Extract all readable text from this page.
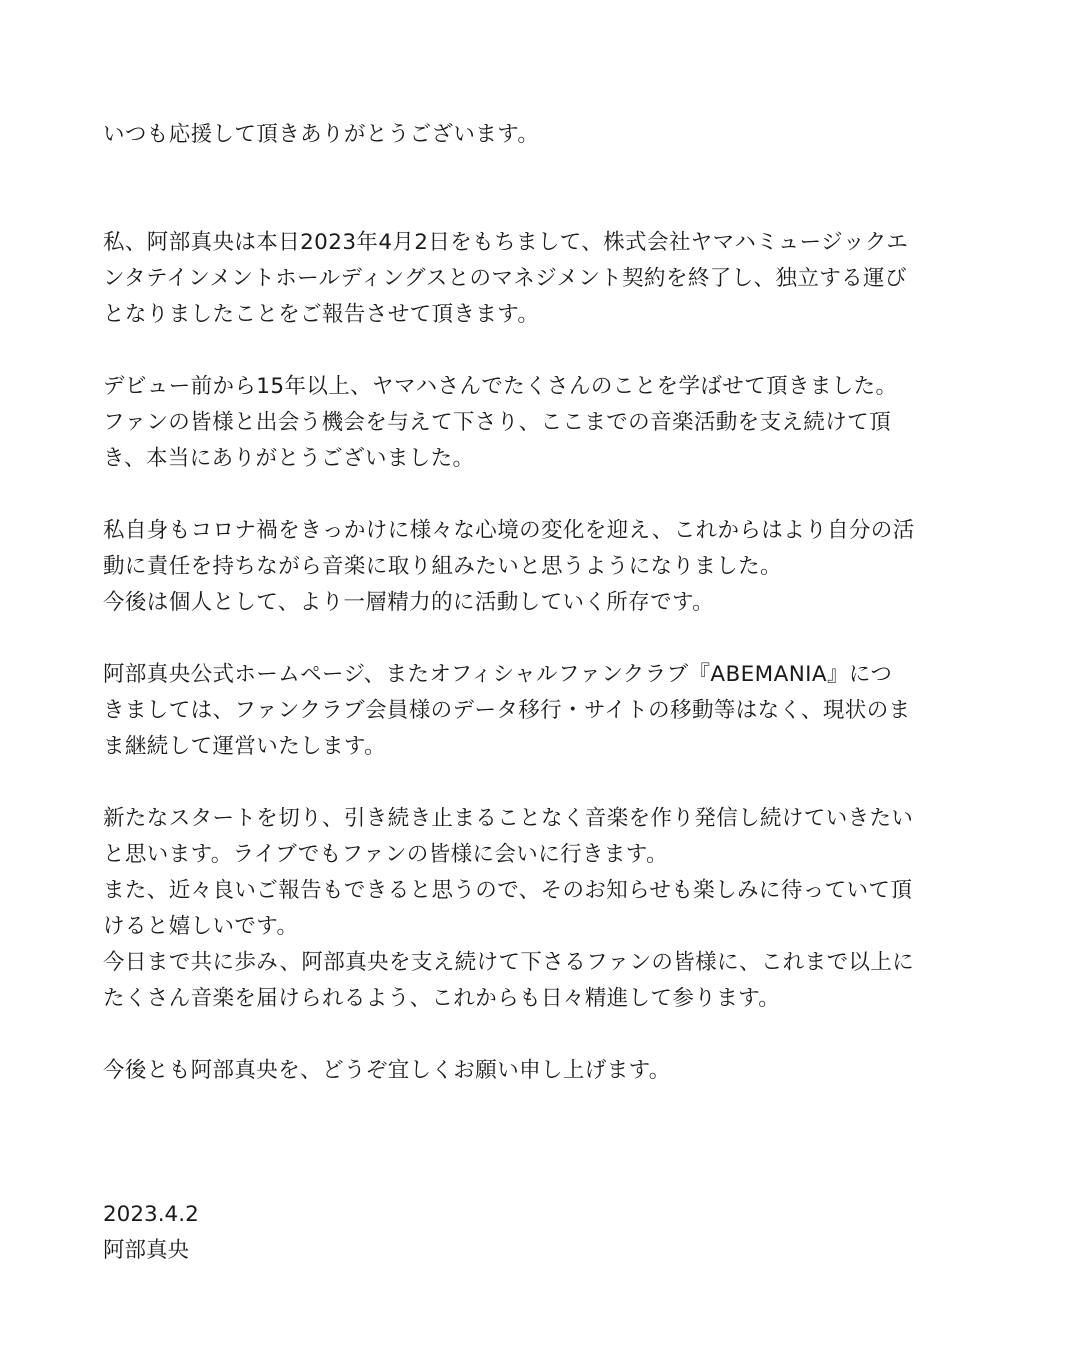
いつも応援して頂きありがとうございます。

私、阿部真央は本日2023年4月2日をもちまして、株式会社ヤマハミュージックエ

ンタテインメントホールディングスとのマネジメント契約を終了し、独立する運び

となりましたことをご報告させて頂きます。

デビュー前から15年以上、ヤマハさんでたくさんのことを学ばせて頂きました。

ファンの皆様と出会う機会を与えて下さり、ここまでの音楽活動を支え続けて頂

き、本当にありがとうございました。

私自身もコロナ禍をきっかけに様々な心境の変化を迎え、これからはより自分の活

動に責任を持ちながら音楽に取り組みたいと思うようになりました。

今後は個人として、より一層精力的に活動していく所存です。

阿部真央公式ホームページ、またオフィシャルファンクラブ『ABEMANIA』につ

きましては、ファンクラブ会員様のデータ移行・サイトの移動等はなく、現状のま

ま継続して運営いたします。

新たなスタートを切り、引き続き止まることなく音楽を作り発信し続けていきたい

と思います。ライブでもファンの皆様に会いに行きます。

また、近々良いご報告もできると思うので、そのお知らせも楽しみに待っていて頂

けると嬉しいです。

今日まで共に歩み、阿部真央を支え続けて下さるファンの皆様に、これまで以上に

たくさん音楽を届けられるよう、これからも日々精進して参ります。

今後とも阿部真央を、どうぞ宜しくお願い申し上げます。

2023.4.2

阿部真央
